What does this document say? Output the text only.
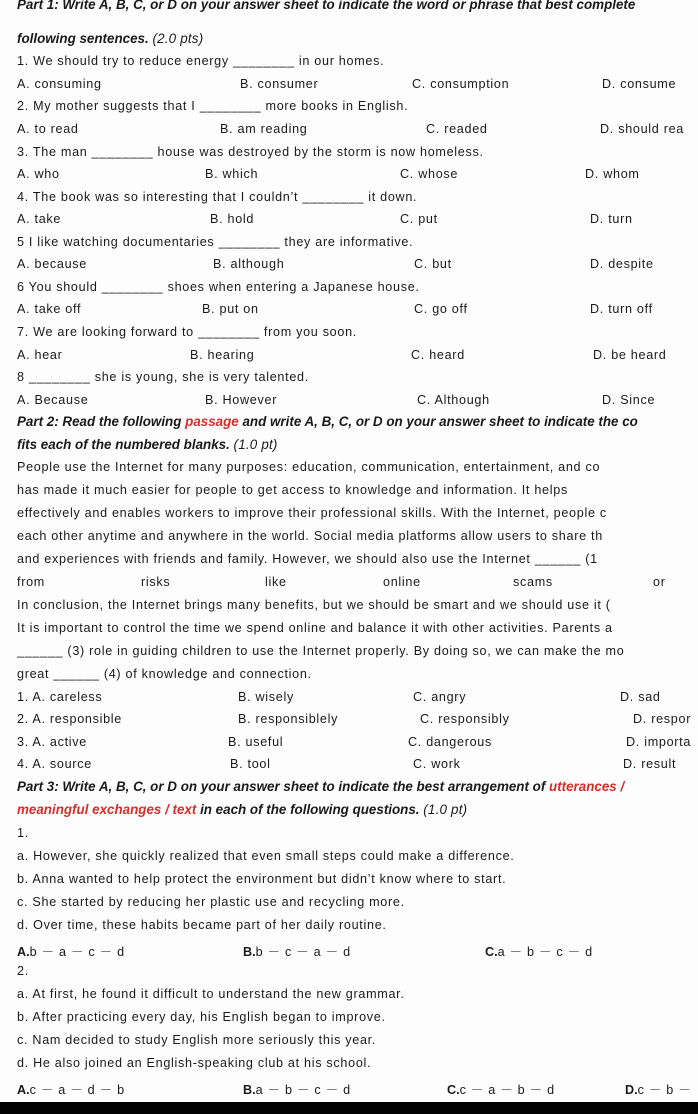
Part 1: Write A, B, C, or D on your answer sheet to indicate the word or phrase that best complete
following sentences. (2.0 pts)
1. We should try to reduce energy ________ in our homes.
A. consuming	B. consumer	C. consumption	D. consume
2. My mother suggests that I ________ more books in English.
A. to read	B. am reading	C. readed	D. should rea
3. The man ________ house was destroyed by the storm is now homeless.
A. who	B. which	C. whose	D. whom
4. The book was so interesting that I couldn’t ________ it down.
A. take	B. hold	C. put	D. turn
5 I like watching documentaries ________ they are informative.
A. because	B. although	C. but	D. despite
6 You should ________ shoes when entering a Japanese house.
A. take off	B. put on	C. go off	D. turn off
7. We are looking forward to ________ from you soon.
A. hear	B. hearing	C. heard	D. be heard
8 ________ she is young, she is very talented.
A. Because	B. However	C. Although	D. Since
Part 2: Read the following passage and write A, B, C, or D on your answer sheet to indicate the co
fits each of the numbered blanks. (1.0 pt)
People use the Internet for many purposes: education, communication, entertainment, and co
has made it much easier for people to get access to knowledge and information. It helps
effectively and enables workers to improve their professional skills. With the Internet, people c
each other anytime and anywhere in the world. Social media platforms allow users to share th
and experiences with friends and family. However, we should also use the Internet ______ (1
from	risks	like	online	scams	or
In conclusion, the Internet brings many benefits, but we should be smart and we should use it (
It is important to control the time we spend online and balance it with other activities. Parents a
______ (3) role in guiding children to use the Internet properly. By doing so, we can make the mo
great ______ (4) of knowledge and connection.
1. A. careless	B. wisely	C. angry	D. sad
2. A. responsible	B. responsiblely	C. responsibly	D. respor
3. A. active	B. useful	C. dangerous	D. importa
4. A. source	B. tool	C. work	D. result
Part 3: Write A, B, C, or D on your answer sheet to indicate the best arrangement of utterances /
meaningful exchanges / text in each of the following questions. (1.0 pt)
1.
a. However, she quickly realized that even small steps could make a difference.
b. Anna wanted to help protect the environment but didn’t know where to start.
c. She started by reducing her plastic use and recycling more.
d. Over time, these habits became part of her daily routine.
A.b － a － c － d	B.b － c － a － d	C.a － b － c － d
2.
a. At first, he found it difficult to understand the new grammar.
b. After practicing every day, his English began to improve.
c. Nam decided to study English more seriously this year.
d. He also joined an English-speaking club at his school.
A.c － a － d － b	B.a － b － c － d	C.c － a － b － d	D.c － b －
